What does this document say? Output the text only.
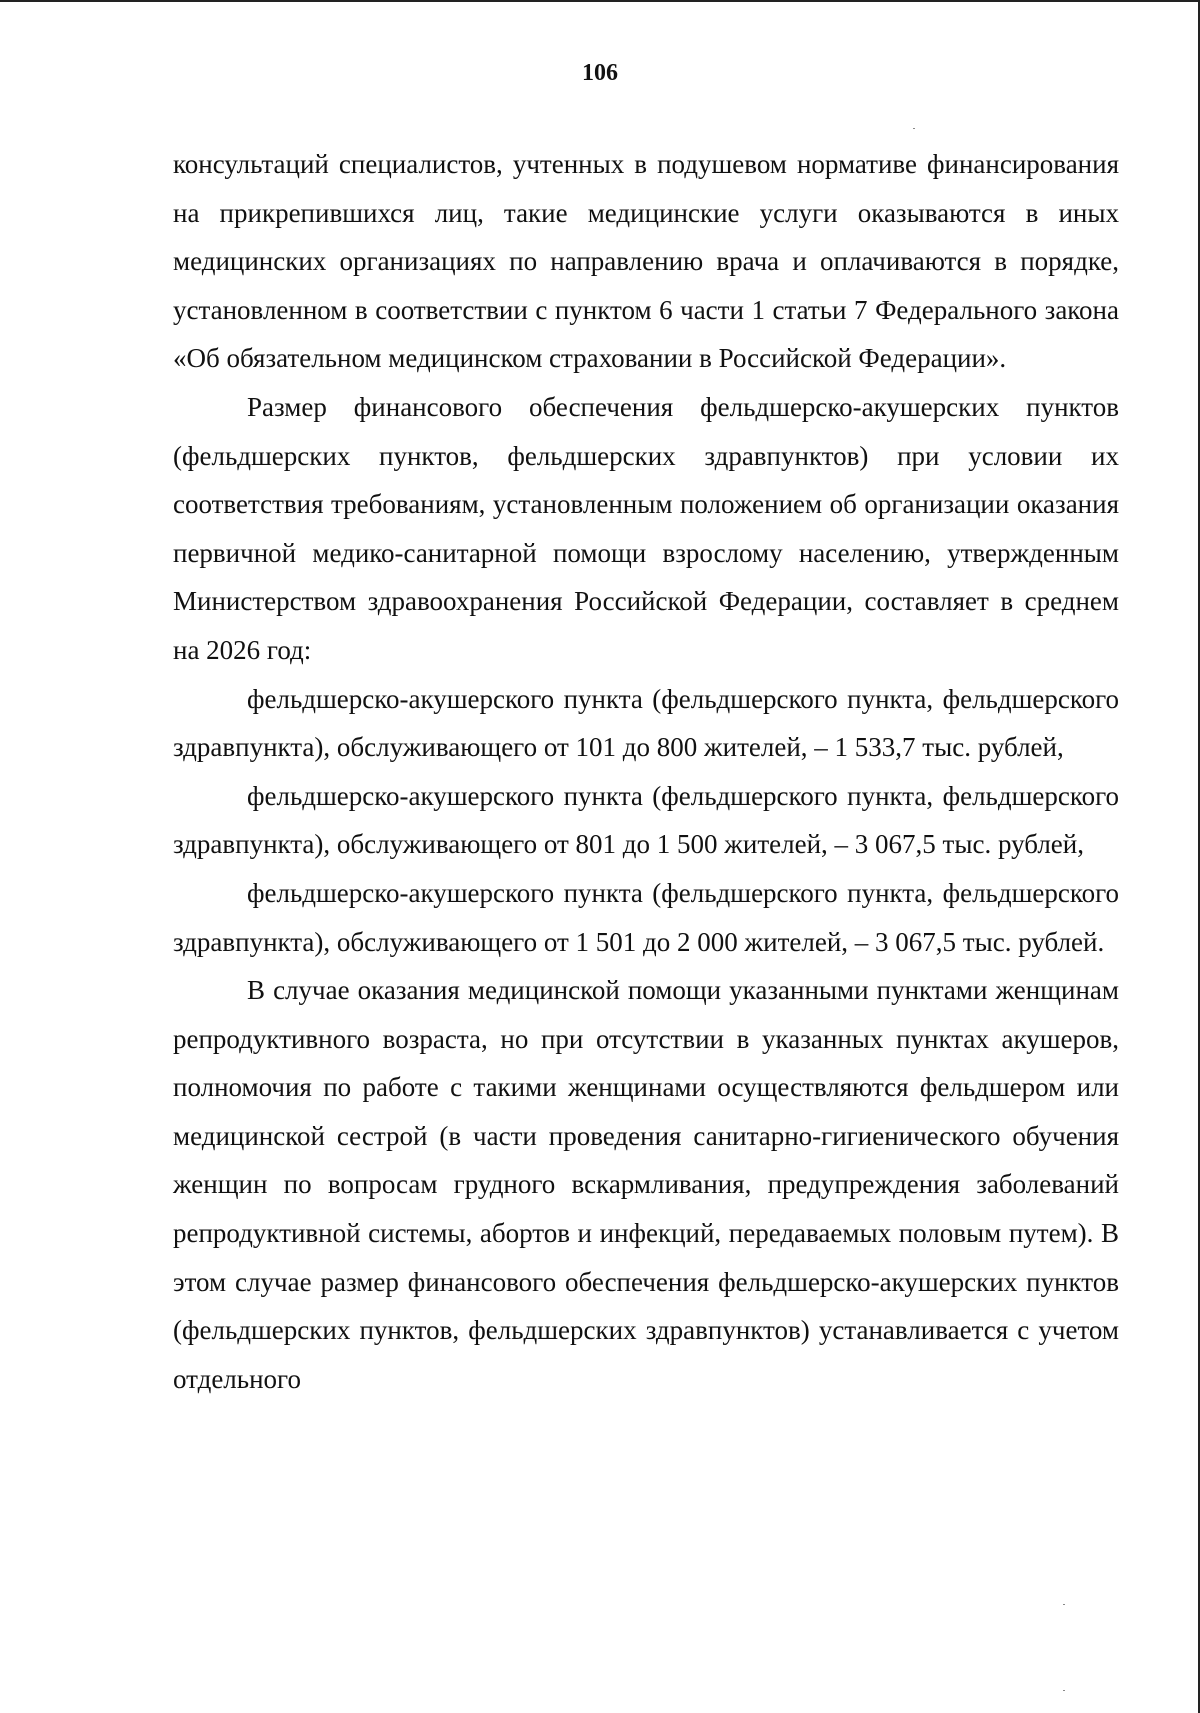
106

консультаций специалистов, учтенных в подушевом нормативе финансирования на прикрепившихся лиц, такие медицинские услуги оказываются в иных медицинских организациях по направлению врача и оплачиваются в порядке, установленном в соответствии с пунктом 6 части 1 статьи 7 Федерального закона «Об обязательном медицинском страховании в Российской Федерации».

Размер финансового обеспечения фельдшерско-акушерских пунктов (фельдшерских пунктов, фельдшерских здравпунктов) при условии их соответствия требованиям, установленным положением об организации оказания первичной медико-санитарной помощи взрослому населению, утвержденным Министерством здравоохранения Российской Федерации, составляет в среднем на 2026 год:

фельдшерско-акушерского пункта (фельдшерского пункта, фельдшерского здравпункта), обслуживающего от 101 до 800 жителей, – 1 533,7 тыс. рублей,

фельдшерско-акушерского пункта (фельдшерского пункта, фельдшерского здравпункта), обслуживающего от 801 до 1 500 жителей, – 3 067,5 тыс. рублей,

фельдшерско-акушерского пункта (фельдшерского пункта, фельдшерского здравпункта), обслуживающего от 1 501 до 2 000 жителей, – 3 067,5 тыс. рублей.

В случае оказания медицинской помощи указанными пунктами женщинам репродуктивного возраста, но при отсутствии в указанных пунктах акушеров, полномочия по работе с такими женщинами осуществляются фельдшером или медицинской сестрой (в части проведения санитарно-гигиенического обучения женщин по вопросам грудного вскармливания, предупреждения заболеваний репродуктивной системы, абортов и инфекций, передаваемых половым путем). В этом случае размер финансового обеспечения фельдшерско-акушерских пунктов (фельдшерских пунктов, фельдшерских здравпунктов) устанавливается с учетом отдельного
